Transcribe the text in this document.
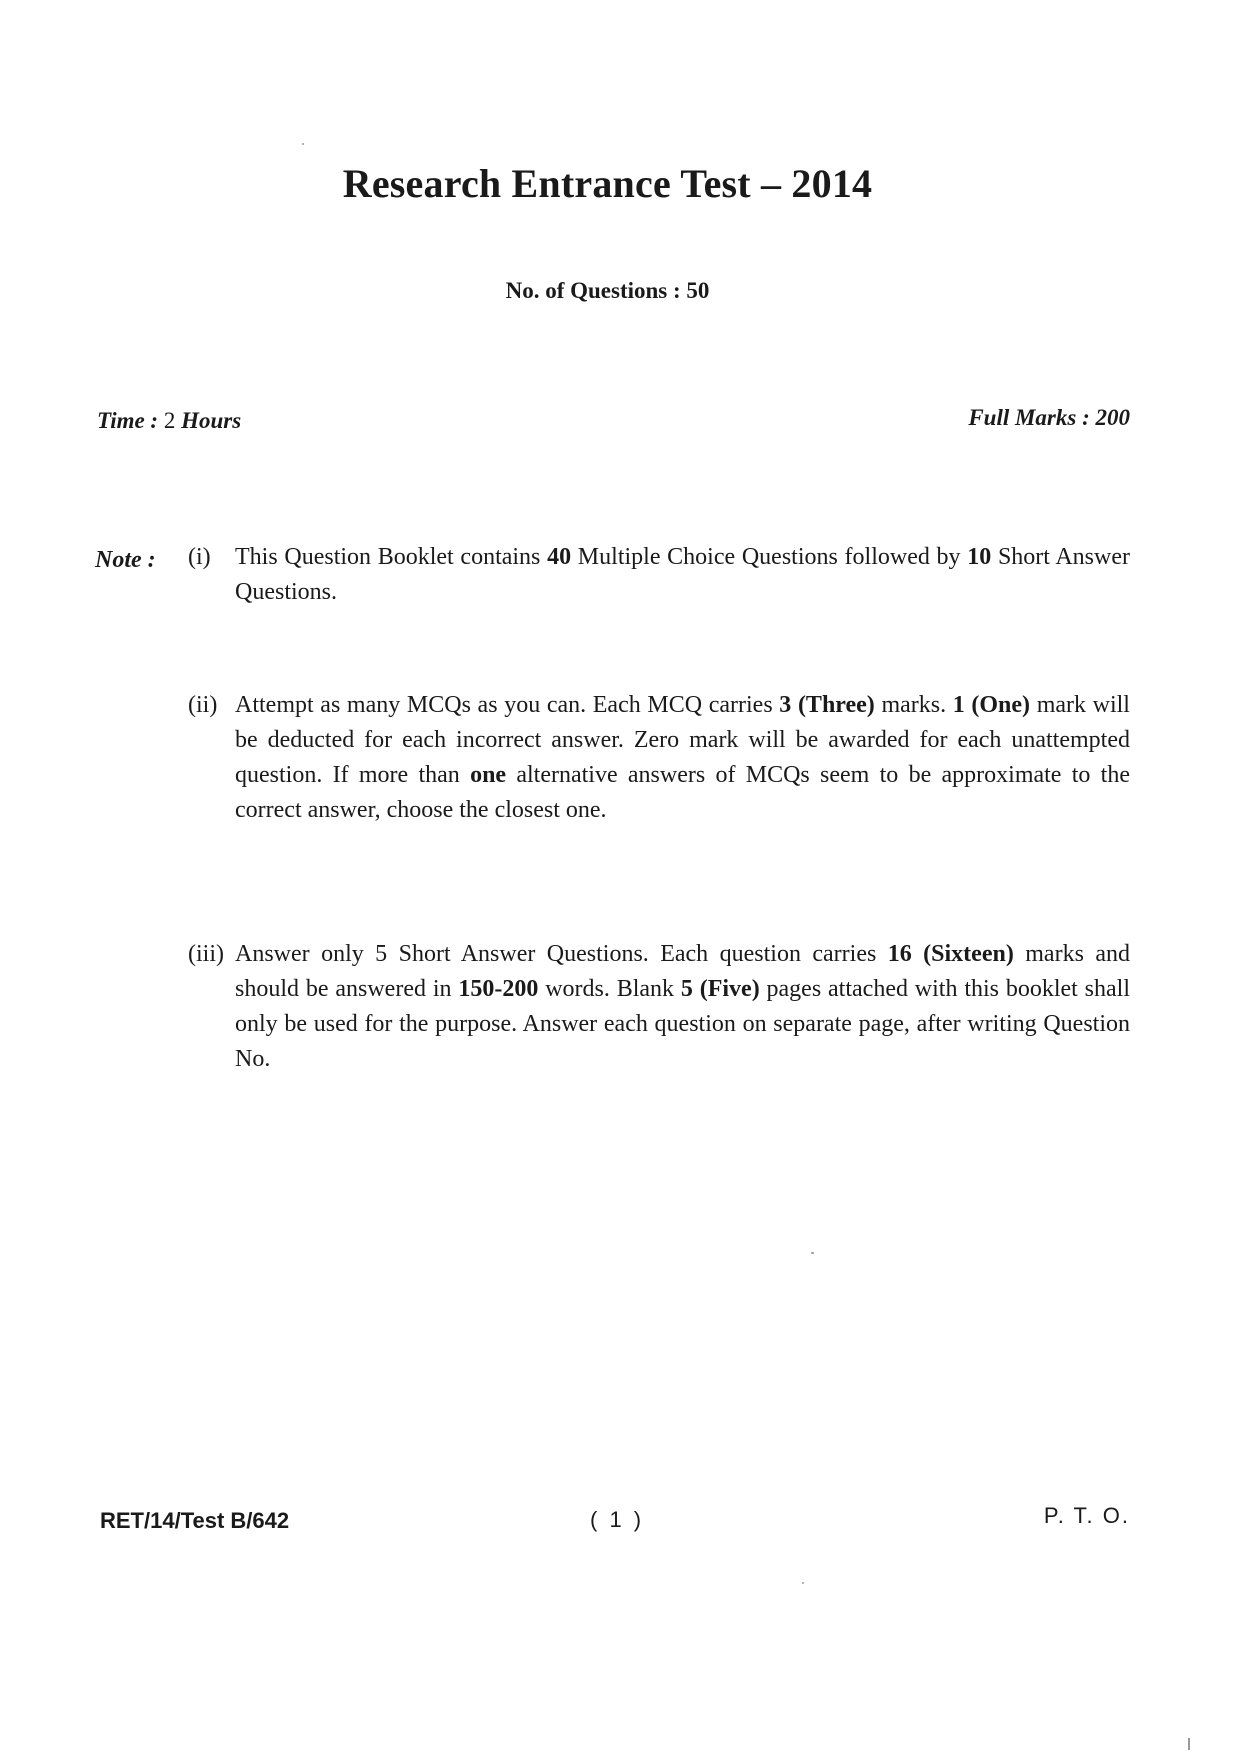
Research Entrance Test – 2014
No. of Questions : 50
Time : 2 Hours	Full Marks : 200
Note : (i) This Question Booklet contains 40 Multiple Choice Questions followed by 10 Short Answer Questions.
(ii) Attempt as many MCQs as you can. Each MCQ carries 3 (Three) marks. 1 (One) mark will be deducted for each incorrect answer. Zero mark will be awarded for each unattempted question. If more than one alternative answers of MCQs seem to be approximate to the correct answer, choose the closest one.
(iii) Answer only 5 Short Answer Questions. Each question carries 16 (Sixteen) marks and should be answered in 150-200 words. Blank 5 (Five) pages attached with this booklet shall only be used for the purpose. Answer each question on separate page, after writing Question No.
RET/14/Test B/642	( 1 )	P. T. O.
